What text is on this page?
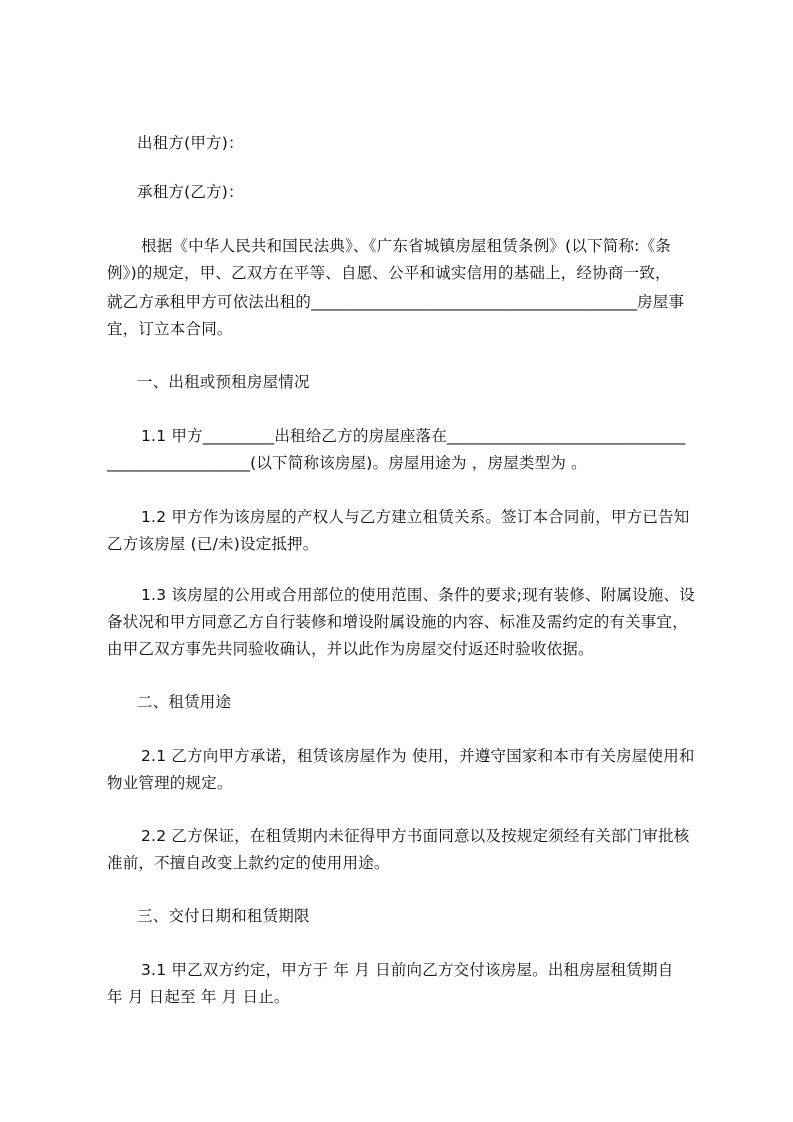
出租方(甲方)：
承租方(乙方)：
根据《中华人民共和国民法典》、《广东省城镇房屋租赁条例》(以下简称:《条
例》)的规定，甲、乙双方在平等、自愿、公平和诚实信用的基础上，经协商一致，
就乙方承租甲方可依法出租的_________________________________________房屋事
宜，订立本合同。
一、出租或预租房屋情况
1.1 甲方_________出租给乙方的房屋座落在______________________________
__________________(以下简称该房屋)。房屋用途为 ，房屋类型为 。
1.2 甲方作为该房屋的产权人与乙方建立租赁关系。签订本合同前，甲方已告知
乙方该房屋 (已/未)设定抵押。
1.3 该房屋的公用或合用部位的使用范围、条件的要求;现有装修、附属设施、设
备状况和甲方同意乙方自行装修和增设附属设施的内容、标准及需约定的有关事宜，
由甲乙双方事先共同验收确认，并以此作为房屋交付返还时验收依据。
二、租赁用途
2.1 乙方向甲方承诺，租赁该房屋作为 使用，并遵守国家和本市有关房屋使用和
物业管理的规定。
2.2 乙方保证，在租赁期内未征得甲方书面同意以及按规定须经有关部门审批核
准前，不擅自改变上款约定的使用用途。
三、交付日期和租赁期限
3.1 甲乙双方约定，甲方于 年 月 日前向乙方交付该房屋。出租房屋租赁期自
年 月 日起至 年 月 日止。
